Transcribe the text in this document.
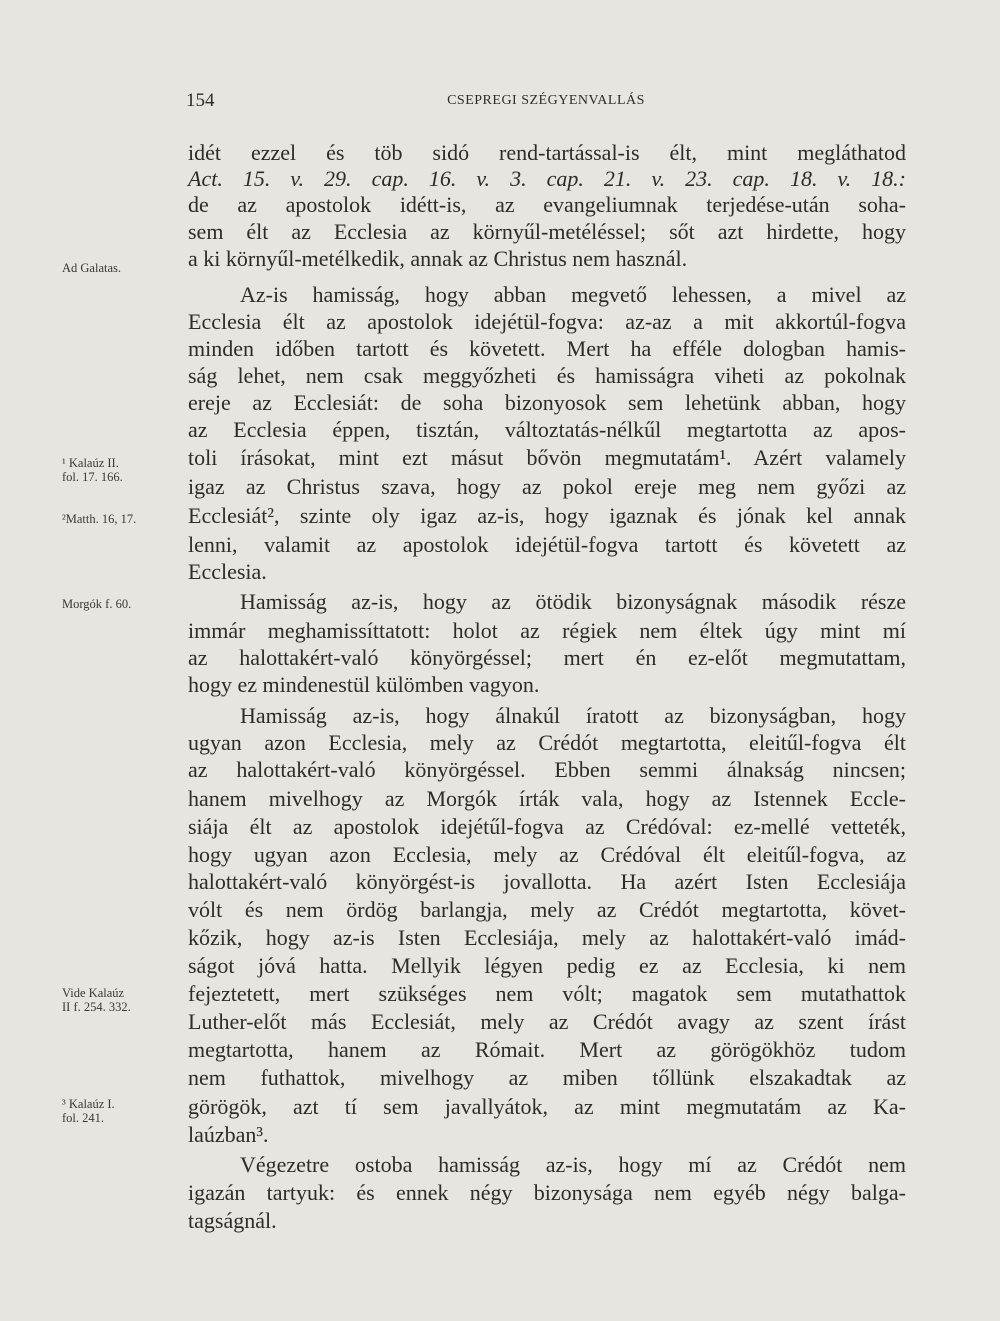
154	CSEPREGI SZÉGYENVALLÁS
idét ezzel és töb sidó rend-tartással-is élt, mint megláthatod
Act. 15. v. 29. cap. 16. v. 3. cap. 21. v. 23. cap. 18. v. 18.:
de az apostolok idétt-is, az evangeliumnak terjedése-után soha-
sem élt az Ecclesia az környűl-metéléssel; sőt azt hirdette, hogy
a ki környűl-metélkedik, annak az Christus nem használ.
Az-is hamisság, hogy abban megvető lehessen, a mivel az
Ecclesia élt az apostolok idejétül-fogva: az-az a mit akkortúl-fogva
minden időben tartott és követett. Mert ha efféle dologban hamis-
ság lehet, nem csak meggyőzheti és hamisságra viheti az pokolnak
ereje az Ecclesiát: de soha bizonyosok sem lehetünk abban, hogy
az Ecclesia éppen, tisztán, változtatás-nélkűl megtartotta az apos-
toli írásokat, mint ezt másut bővön megmutatám¹. Azért valamely
igaz az Christus szava, hogy az pokol ereje meg nem győzi az
Ecclesiát², szinte oly igaz az-is, hogy igaznak és jónak kel annak
lenni, valamit az apostolok idejétül-fogva tartott és követett az
Ecclesia.
Hamisság az-is, hogy az ötödik bizonyságnak második része
immár meghamissíttatott: holot az régiek nem éltek úgy mint mí
az halottakért-való könyörgéssel; mert én ez-előt megmutattam,
hogy ez mindenestül külömben vagyon.
Hamisság az-is, hogy álnakúl íratott az bizonyságban, hogy
ugyan azon Ecclesia, mely az Crédót megtartotta, eleitűl-fogva élt
az halottakért-való könyörgéssel. Ebben semmi álnakság nincsen;
hanem mivelhogy az Morgók írták vala, hogy az Istennek Eccle-
siája élt az apostolok idejétűl-fogva az Crédóval: ez-mellé vetteték,
hogy ugyan azon Ecclesia, mely az Crédóval élt eleitűl-fogva, az
halottakért-való könyörgést-is jovallotta. Ha azért Isten Ecclesiája
vólt és nem ördög barlangja, mely az Crédót megtartotta, követ-
kőzik, hogy az-is Isten Ecclesiája, mely az halottakért-való imád-
ságot jóvá hatta. Mellyik légyen pedig ez az Ecclesia, ki nem
fejeztetett, mert szükséges nem vólt; magatok sem mutathattok
Luther-előt más Ecclesiát, mely az Crédót avagy az szent írást
megtartotta, hanem az Rómait. Mert az görögökhöz tudom
nem futhattok, mivelhogy az miben tőllünk elszakadtak az
görögök, azt tí sem javallyátok, az mint megmutatám az Ka-
laúzban³.
Végezetre ostoba hamisság az-is, hogy mí az Crédót nem
igazán tartyuk: és ennek négy bizonysága nem egyéb négy balga-
tagságnál.
Ad Galatas.
¹ Kalaúz II.
fol. 17. 166.
²Matth. 16, 17.
Morgók f. 60.
Vide Kalaúz
II f. 254. 332.
³ Kalaúz I.
fol. 241.
